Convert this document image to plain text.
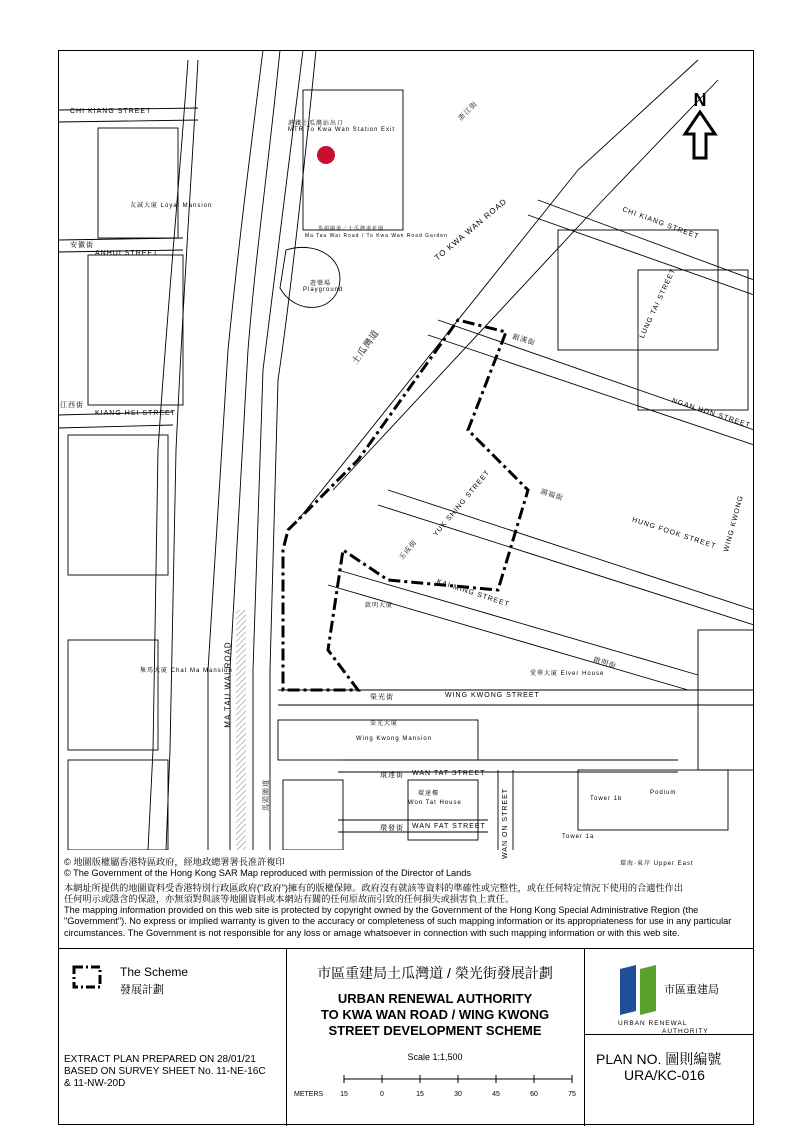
CHI KIANG STREET
安徽街
ANHUI STREET
江西街
KIANG HSI STREET
TO KWA WAN ROAD
土瓜灣道
CHI KIANG STREET
LUNG TAI STREET
銀漢街
NGAN HON STREET
鴻福街
HUNG FOOK STREET
YUK SHING STREET
玉成街
KAI MING STREET
啟明街
榮光街	WING KWONG STREET
WING KWONG
MA TAU WAI ROAD
馬頭圍道
環達街 WAN TAT STREET
環發街 WAN FAT STREET WAN ON STREET
浙江街
港鐵土瓜灣站出口
MTR To Kwa Wan Station Exit
馬頭圍道／土瓜灣道花園
Ma Tau Wai Road / To Kwa Wan Road Garden
遊樂場
Playground
榮光大廈
Wing Kwong Mansion
環達樓
Won Tat House
啟明大廈
愛華大廈 Elver House
Podium
Tower 1b
Tower 1a
環海·東岸 Upper East
集馬大廈 Chat Ma Mansion
友誠大廈 Loyal Mansion
N
© 地圖版權屬香港特區政府，經地政總署署長准許複印
© The Government of the Hong Kong SAR Map reproduced with permission of the Director of Lands
本網址所提供的地圖資料受香港特別行政區政府("政府")擁有的版權保障。政府沒有就該等資料的準確性或完整性，或在任何特定情況下使用的合適性作出
任何明示或隱含的保證，亦無須對與該等地圖資料或本網站有關的任何原故而引致的任何損失或損害負上責任。
The mapping information provided on this web site is protected by copyright owned by the Government of the Hong Kong Special Administrative Region (the
"Government"). No express or implied warranty is given to the accuracy or completeness of such mapping information or its appropriateness for use in any particular
circumstances. The Government is not responsible for any loss or amage whatsoever in connection with such mapping information or with this web site.
The Scheme
發展計劃
EXTRACT PLAN PREPARED ON 28/01/21
BASED ON SURVEY SHEET No. 11-NE-16C
& 11-NW-20D
市區重建局土瓜灣道 / 榮光街發展計劃
URBAN RENEWAL AUTHORITY
TO KWA WAN ROAD / WING KWONG
STREET DEVELOPMENT SCHEME
Scale 1:1,500
METERS 15	0	15	30	45	60	75
市區重建局
URBAN RENEWAL
AUTHORITY
PLAN NO. 圖則編號
URA/KC-016
